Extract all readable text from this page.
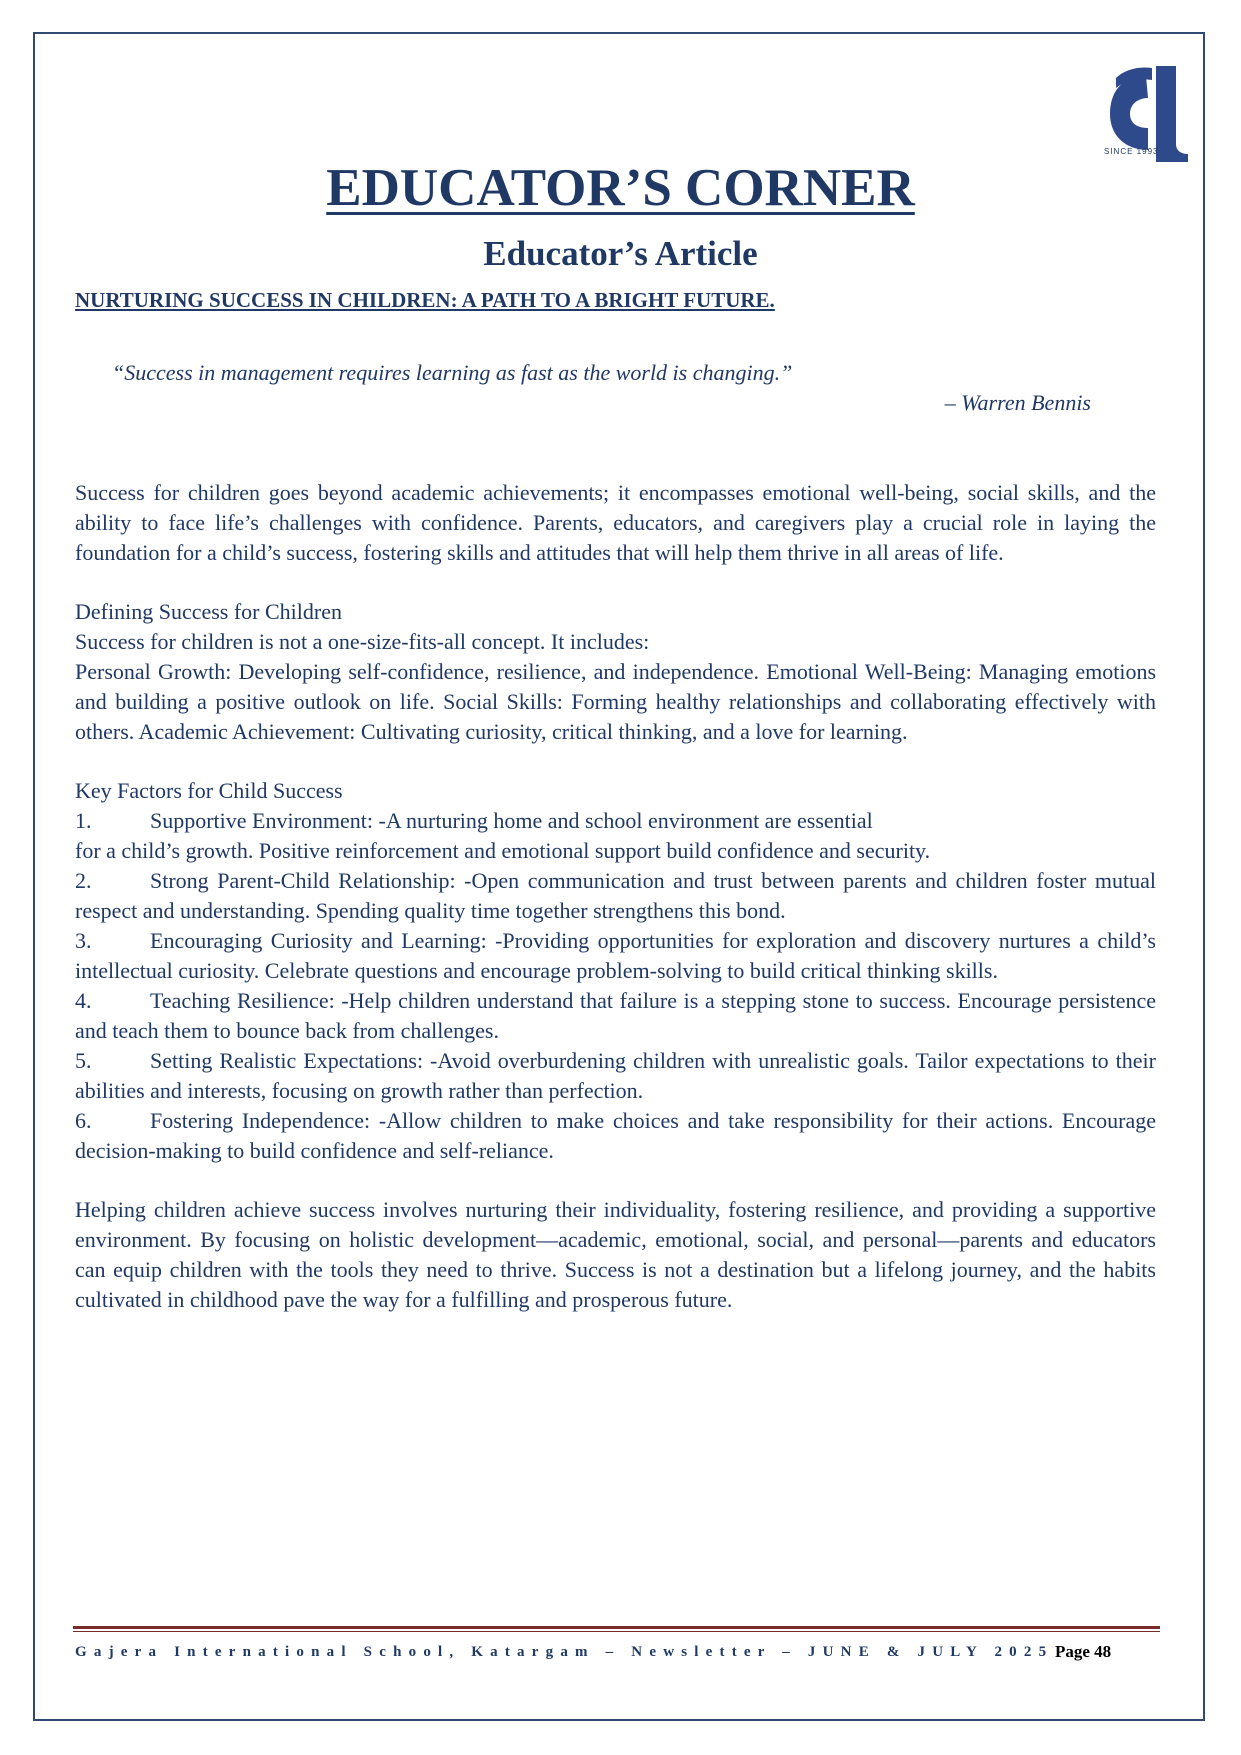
SINCE 1993
EDUCATOR’S CORNER
Educator’s Article
NURTURING SUCCESS IN CHILDREN: A PATH TO A BRIGHT FUTURE.

“Success in management requires learning as fast as the world is changing.”

– Warren Bennis

Success for children goes beyond academic achievements; it encompasses emotional well-being, social skills, and the ability to face life’s challenges with confidence. Parents, educators, and caregivers play a crucial role in laying the foundation for a child’s success, fostering skills and attitudes that will help them thrive in all areas of life.

Defining Success for Children

Success for children is not a one-size-fits-all concept. It includes:

Personal Growth: Developing self-confidence, resilience, and independence. Emotional Well-Being: Managing emotions and building a positive outlook on life. Social Skills: Forming healthy relationships and collaborating effectively with others. Academic Achievement: Cultivating curiosity, critical thinking, and a love for learning.

Key Factors for Child Success

1.	Supportive Environment: -A nurturing home and school environment are essential

for a child’s growth. Positive reinforcement and emotional support build confidence and security.

2.	Strong Parent-Child Relationship: -Open communication and trust between parents and children foster mutual respect and understanding. Spending quality time together strengthens this bond.

3.	Encouraging Curiosity and Learning: -Providing opportunities for exploration and discovery nurtures a child’s intellectual curiosity. Celebrate questions and encourage problem-solving to build critical thinking skills.

4.	Teaching Resilience: -Help children understand that failure is a stepping stone to success. Encourage persistence and teach them to bounce back from challenges.

5.	Setting Realistic Expectations: -Avoid overburdening children with unrealistic goals. Tailor expectations to their abilities and interests, focusing on growth rather than perfection.

6.	Fostering Independence: -Allow children to make choices and take responsibility for their actions. Encourage decision-making to build confidence and self-reliance.

Helping children achieve success involves nurturing their individuality, fostering resilience, and providing a supportive environment. By focusing on holistic development—academic, emotional, social, and personal—parents and educators can equip children with the tools they need to thrive. Success is not a destination but a lifelong journey, and the habits cultivated in childhood pave the way for a fulfilling and prosperous future.

Gajera International School, Katargam – Newsletter – JUNE & JULY 2025 Page 48
